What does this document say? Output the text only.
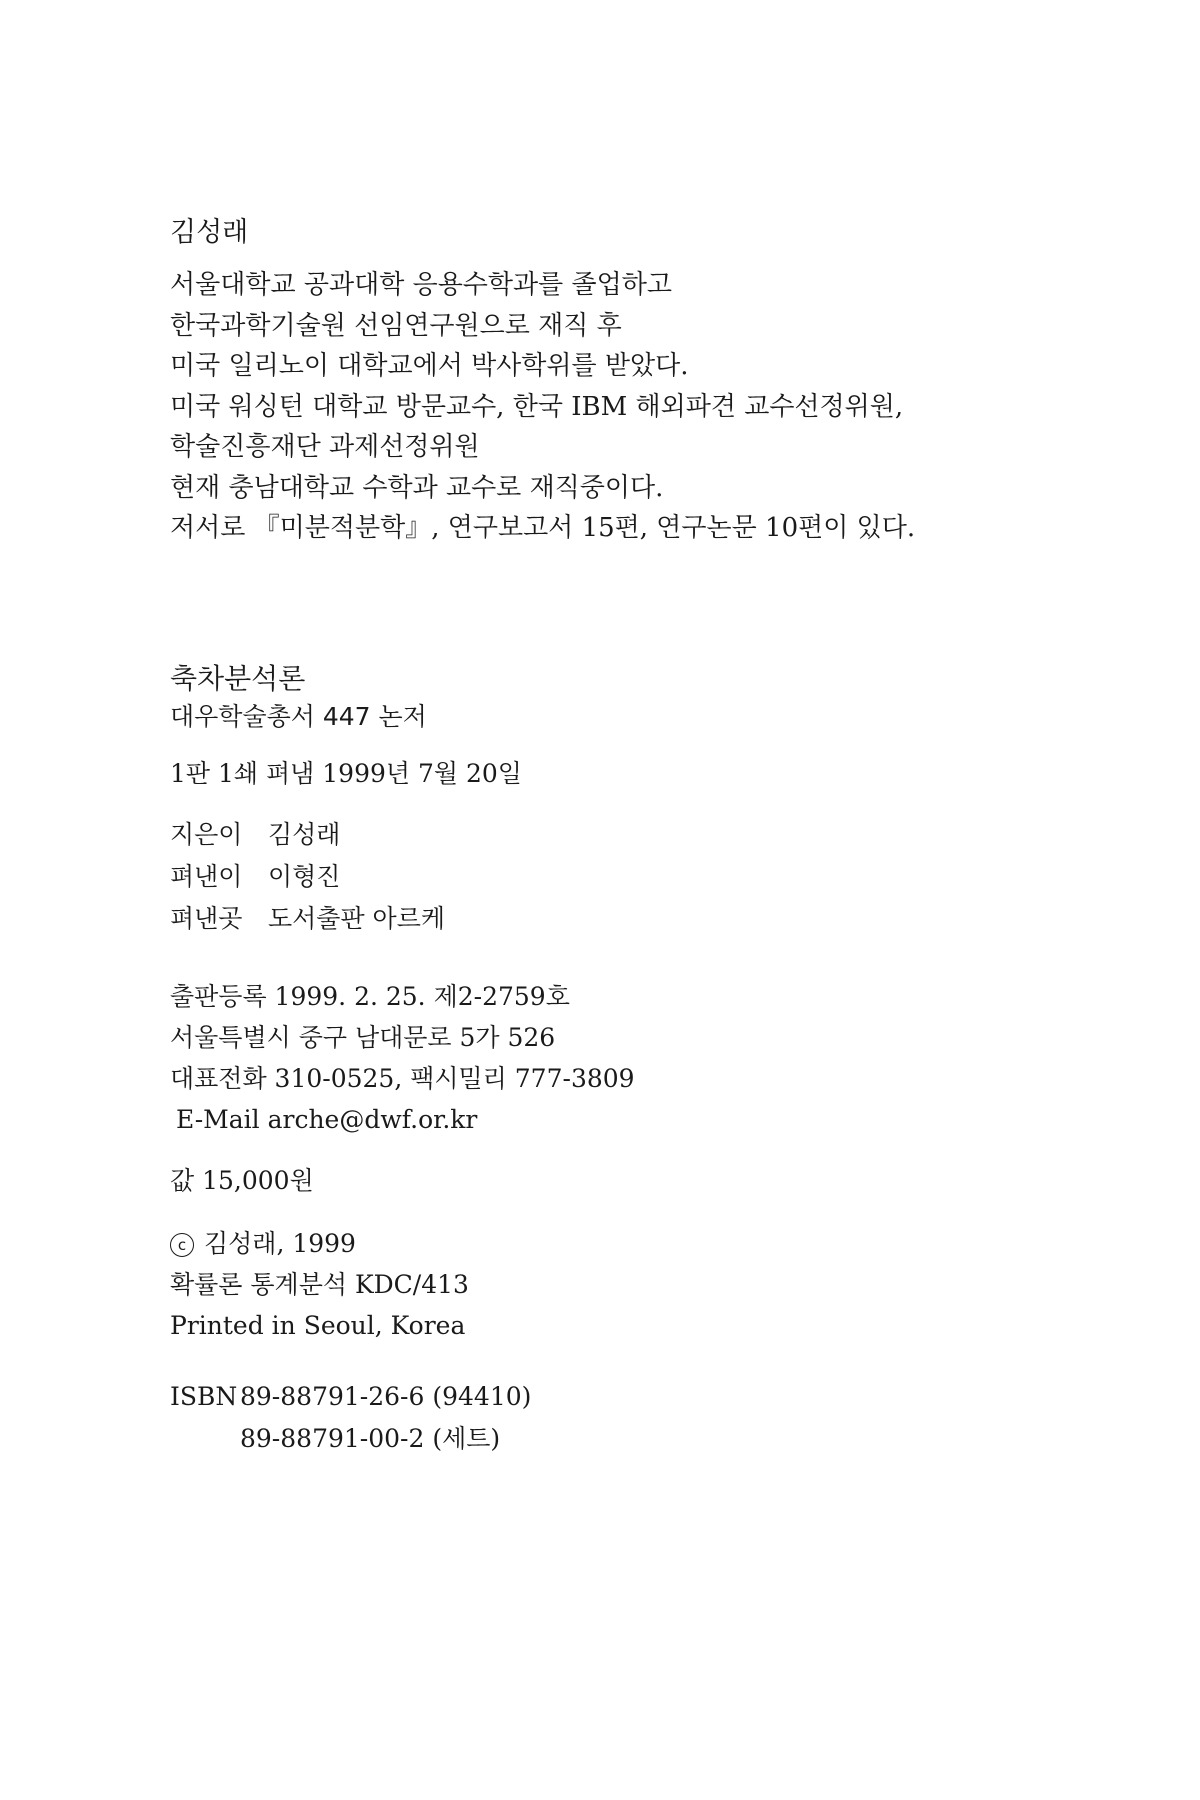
김성래

서울대학교 공과대학 응용수학과를 졸업하고

한국과학기술원 선임연구원으로 재직 후

미국 일리노이 대학교에서 박사학위를 받았다.

미국 워싱턴 대학교 방문교수, 한국 IBM 해외파견 교수선정위원,

학술진흥재단 과제선정위원

현재 충남대학교 수학과 교수로 재직중이다.

저서로 『미분적분학』, 연구보고서 15편, 연구논문 10편이 있다.

축차분석론
대우학술총서 447 논저
1판 1쇄 펴냄 1999년 7월 20일
지은이	김성래
펴낸이	이형진
펴낸곳	도서출판 아르케

출판등록 1999. 2. 25. 제2-2759호

서울특별시 중구 남대문로 5가 526

대표전화 310-0525, 팩시밀리 777-3809

E-Mail arche@dwf.or.kr

값 15,000원

c 김성래, 1999

확률론 통계분석 KDC/413

Printed in Seoul, Korea

ISBN 89-88791-26-6 (94410)
89-88791-00-2 (세트)
